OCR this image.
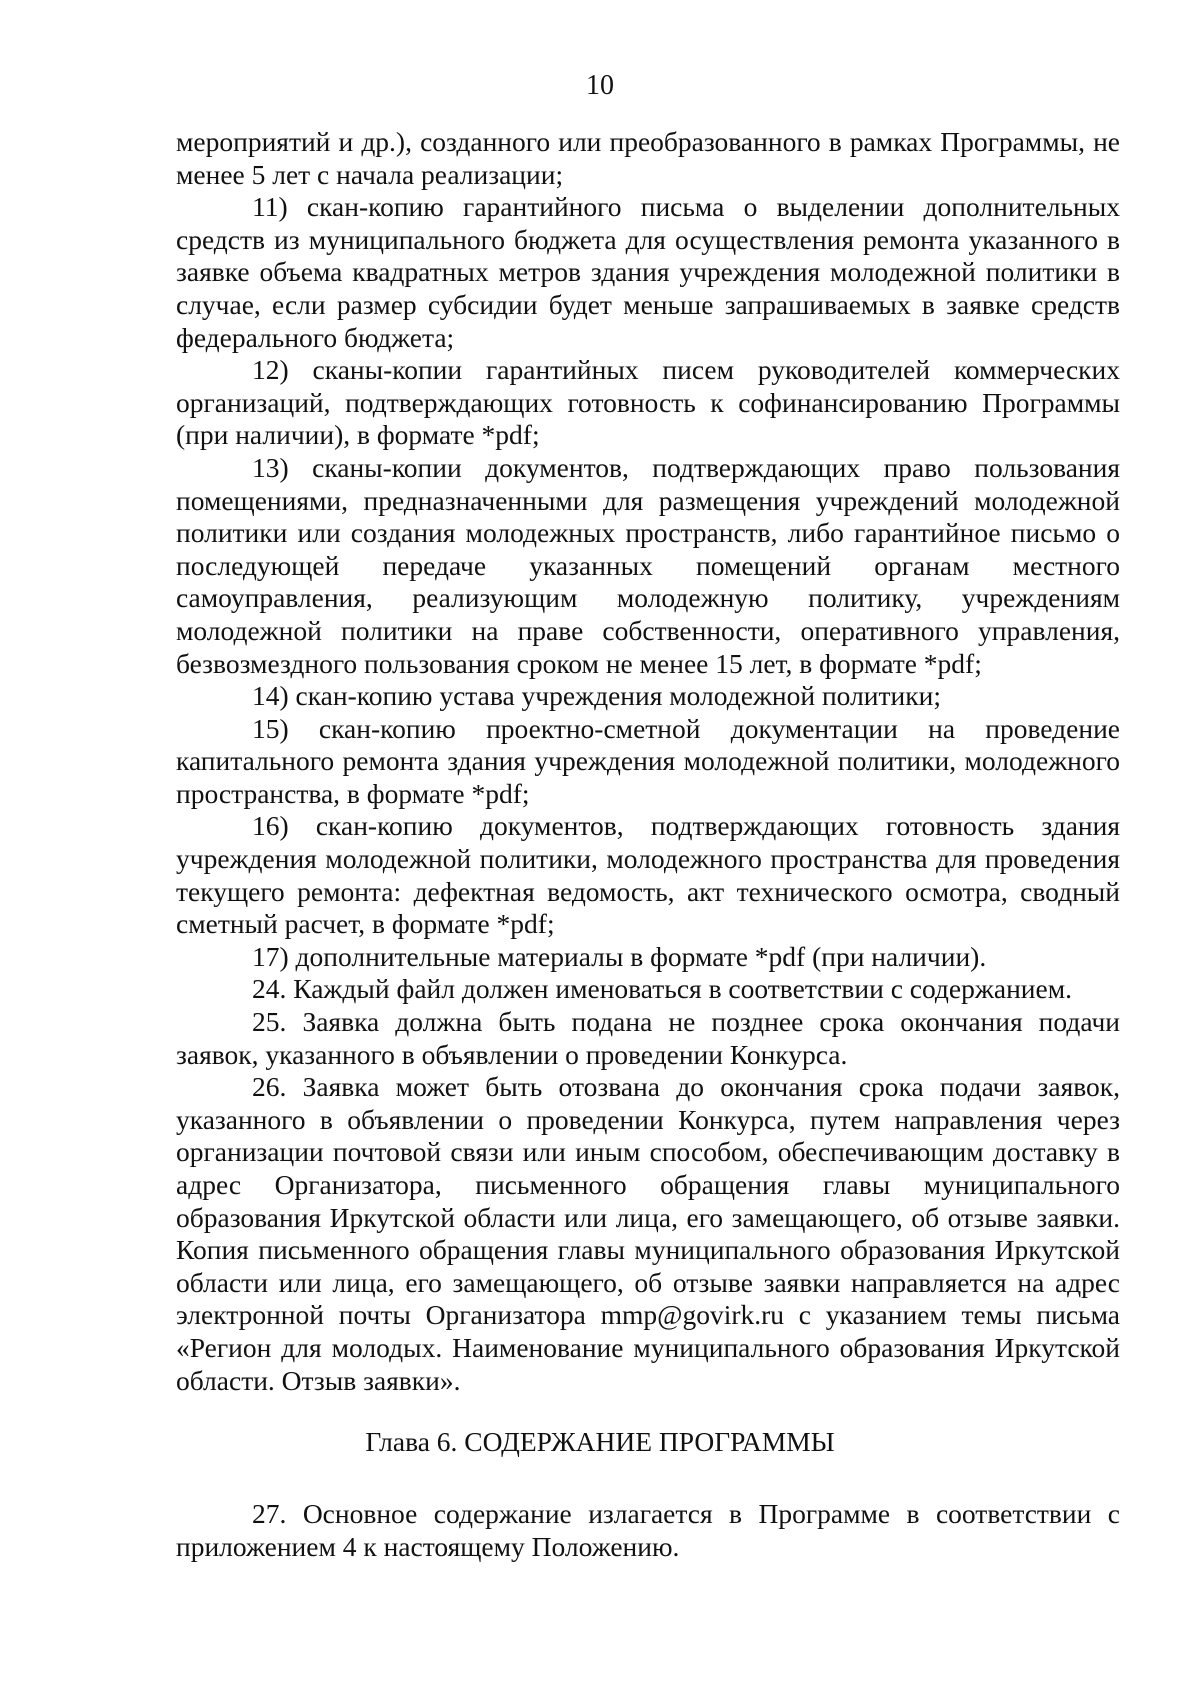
10

мероприятий и др.), созданного или преобразованного в рамках Программы, не менее 5 лет с начала реализации;

11) скан-копию гарантийного письма о выделении дополнительных средств из муниципального бюджета для осуществления ремонта указанного в заявке объема квадратных метров здания учреждения молодежной политики в случае, если размер субсидии будет меньше запрашиваемых в заявке средств федерального бюджета;

12) сканы-копии гарантийных писем руководителей коммерческих организаций, подтверждающих готовность к софинансированию Программы (при наличии), в формате *pdf;

13) сканы-копии документов, подтверждающих право пользования помещениями, предназначенными для размещения учреждений молодежной политики или создания молодежных пространств, либо гарантийное письмо о последующей передаче указанных помещений органам местного самоуправления, реализующим молодежную политику, учреждениям молодежной политики на праве собственности, оперативного управления, безвозмездного пользования сроком не менее 15 лет, в формате *pdf;

14) скан-копию устава учреждения молодежной политики;

15) скан-копию проектно-сметной документации на проведение капитального ремонта здания учреждения молодежной политики, молодежного пространства, в формате *pdf;

16) скан-копию документов, подтверждающих готовность здания учреждения молодежной политики, молодежного пространства для проведения текущего ремонта: дефектная ведомость, акт технического осмотра, сводный сметный расчет, в формате *pdf;

17) дополнительные материалы в формате *pdf (при наличии).

24. Каждый файл должен именоваться в соответствии с содержанием.

25. Заявка должна быть подана не позднее срока окончания подачи заявок, указанного в объявлении о проведении Конкурса.

26. Заявка может быть отозвана до окончания срока подачи заявок, указанного в объявлении о проведении Конкурса, путем направления через организации почтовой связи или иным способом, обеспечивающим доставку в адрес Организатора, письменного обращения главы муниципального образования Иркутской области или лица, его замещающего, об отзыве заявки. Копия письменного обращения главы муниципального образования Иркутской области или лица, его замещающего, об отзыве заявки направляется на адрес электронной почты Организатора mmp@govirk.ru с указанием темы письма «Регион для молодых. Наименование муниципального образования Иркутской области. Отзыв заявки».

Глава 6. СОДЕРЖАНИЕ ПРОГРАММЫ

27. Основное содержание излагается в Программе в соответствии с приложением 4 к настоящему Положению.
